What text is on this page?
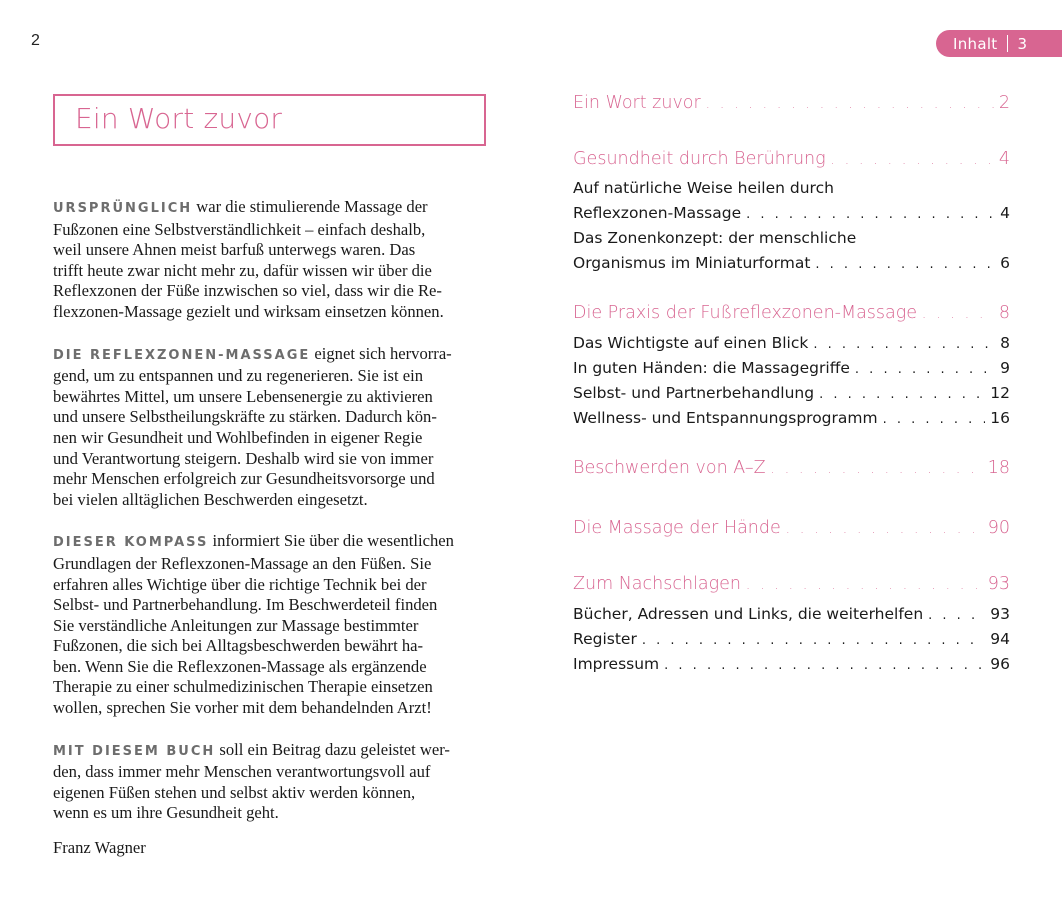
2	Inhalt 3
Ein Wort zuvor

URSPRÜNGLICH war die stimulierende Massage der
Fußzonen eine Selbstverständlichkeit – einfach deshalb,
weil unsere Ahnen meist barfuß unterwegs waren. Das
trifft heute zwar nicht mehr zu, dafür wissen wir über die
Reflexzonen der Füße inzwischen so viel, dass wir die Re-
flexzonen-Massage gezielt und wirksam einsetzen können.

DIE REFLEXZONEN-MASSAGE eignet sich hervorra-
gend, um zu entspannen und zu regenerieren. Sie ist ein
bewährtes Mittel, um unsere Lebensenergie zu aktivieren
und unsere Selbstheilungskräfte zu stärken. Dadurch kön-
nen wir Gesundheit und Wohlbefinden in eigener Regie
und Verantwortung steigern. Deshalb wird sie von immer
mehr Menschen erfolgreich zur Gesundheitsvorsorge und
bei vielen alltäglichen Beschwerden eingesetzt.

DIESER KOMPASS informiert Sie über die wesentlichen
Grundlagen der Reflexzonen-Massage an den Füßen. Sie
erfahren alles Wichtige über die richtige Technik bei der
Selbst- und Partnerbehandlung. Im Beschwerdeteil finden
Sie verständliche Anleitungen zur Massage bestimmter
Fußzonen, die sich bei Alltagsbeschwerden bewährt ha-
ben. Wenn Sie die Reflexzonen-Massage als ergänzende
Therapie zu einer schulmedizinischen Therapie einsetzen
wollen, sprechen Sie vorher mit dem behandelnden Arzt!

MIT DIESEM BUCH soll ein Beitrag dazu geleistet wer-
den, dass immer mehr Menschen verantwortungsvoll auf
eigenen Füßen stehen und selbst aktiv werden können,
wenn es um ihre Gesundheit geht.

Franz Wagner
Ein Wort zuvor . . .	2
Gesundheit durch Berührung . . .	4
Auf natürliche Weise heilen durch
Reflexzonen-Massage . . .	4
Das Zonenkonzept: der menschliche
Organismus im Miniaturformat . . .	6
Die Praxis der Fußreflexzonen-Massage . . .	8
Das Wichtigste auf einen Blick . . .	8
In guten Händen: die Massagegriffe . . .	9
Selbst- und Partnerbehandlung . . .	12
Wellness- und Entspannungsprogramm . . .	16
Beschwerden von A–Z . . .	18
Die Massage der Hände . . .	90
Zum Nachschlagen . . .	93
Bücher, Adressen und Links, die weiterhelfen . . .	93
Register . . .	94
Impressum . . .	96
